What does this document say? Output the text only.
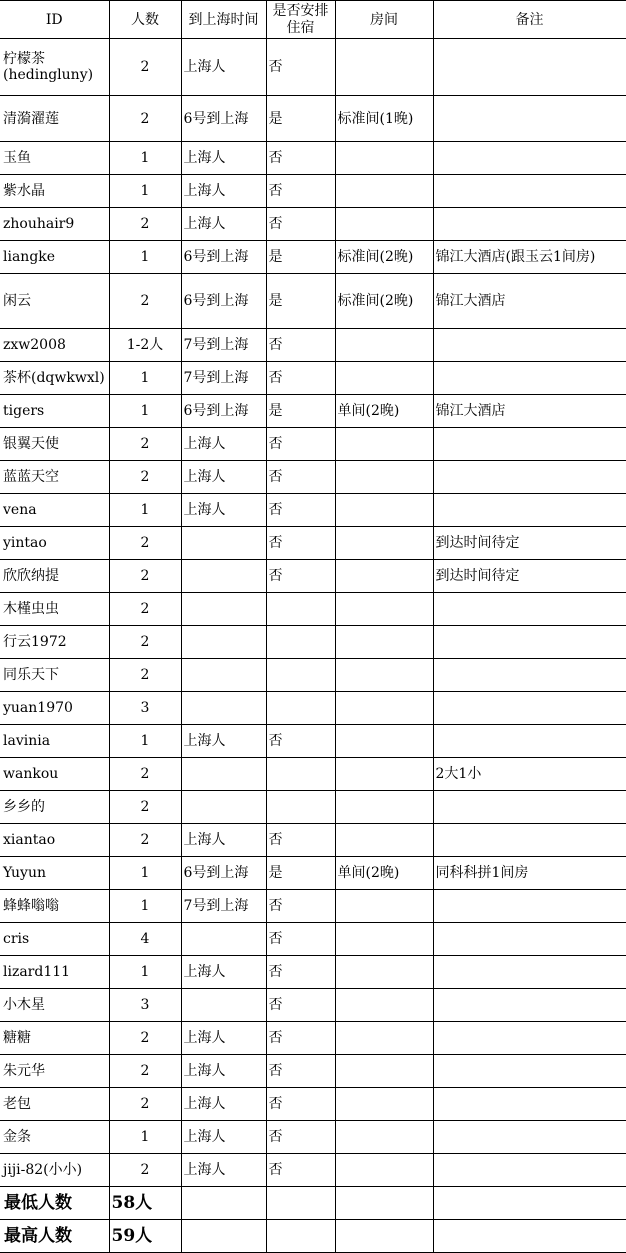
ID	人数	到上海时间	是否安排住宿	房间	备注
柠檬茶(hedingluny)	2	上海人	否		
清漪濯莲	2	6号到上海	是	标准间(1晚)	
玉鱼	1	上海人	否		
紫水晶	1	上海人	否		
zhouhair9	2	上海人	否		
liangke	1	6号到上海	是	标准间(2晚)	锦江大酒店(跟玉云1间房)
闲云	2	6号到上海	是	标准间(2晚)	锦江大酒店
zxw2008	1-2人	7号到上海	否		
茶杯(dqwkwxl)	1	7号到上海	否		
tigers	1	6号到上海	是	单间(2晚)	锦江大酒店
银翼天使	2	上海人	否		
蓝蓝天空	2	上海人	否		
vena	1	上海人	否		
yintao	2		否		到达时间待定
欣欣纳提	2		否		到达时间待定
木槿虫虫	2				
行云1972	2				
同乐天下	2				
yuan1970	3				
lavinia	1	上海人	否		
wankou	2				2大1小
乡乡的	2				
xiantao	2	上海人	否		
Yuyun	1	6号到上海	是	单间(2晚)	同科科拼1间房
蜂蜂嗡嗡	1	7号到上海	否		
cris	4		否		
lizard111	1	上海人	否		
小木星	3		否		
糖糖	2	上海人	否		
朱元华	2	上海人	否		
老包	2	上海人	否		
金条	1	上海人	否		
jiji-82(小小)	2	上海人	否		
最低人数	58人				
最高人数	59人				
